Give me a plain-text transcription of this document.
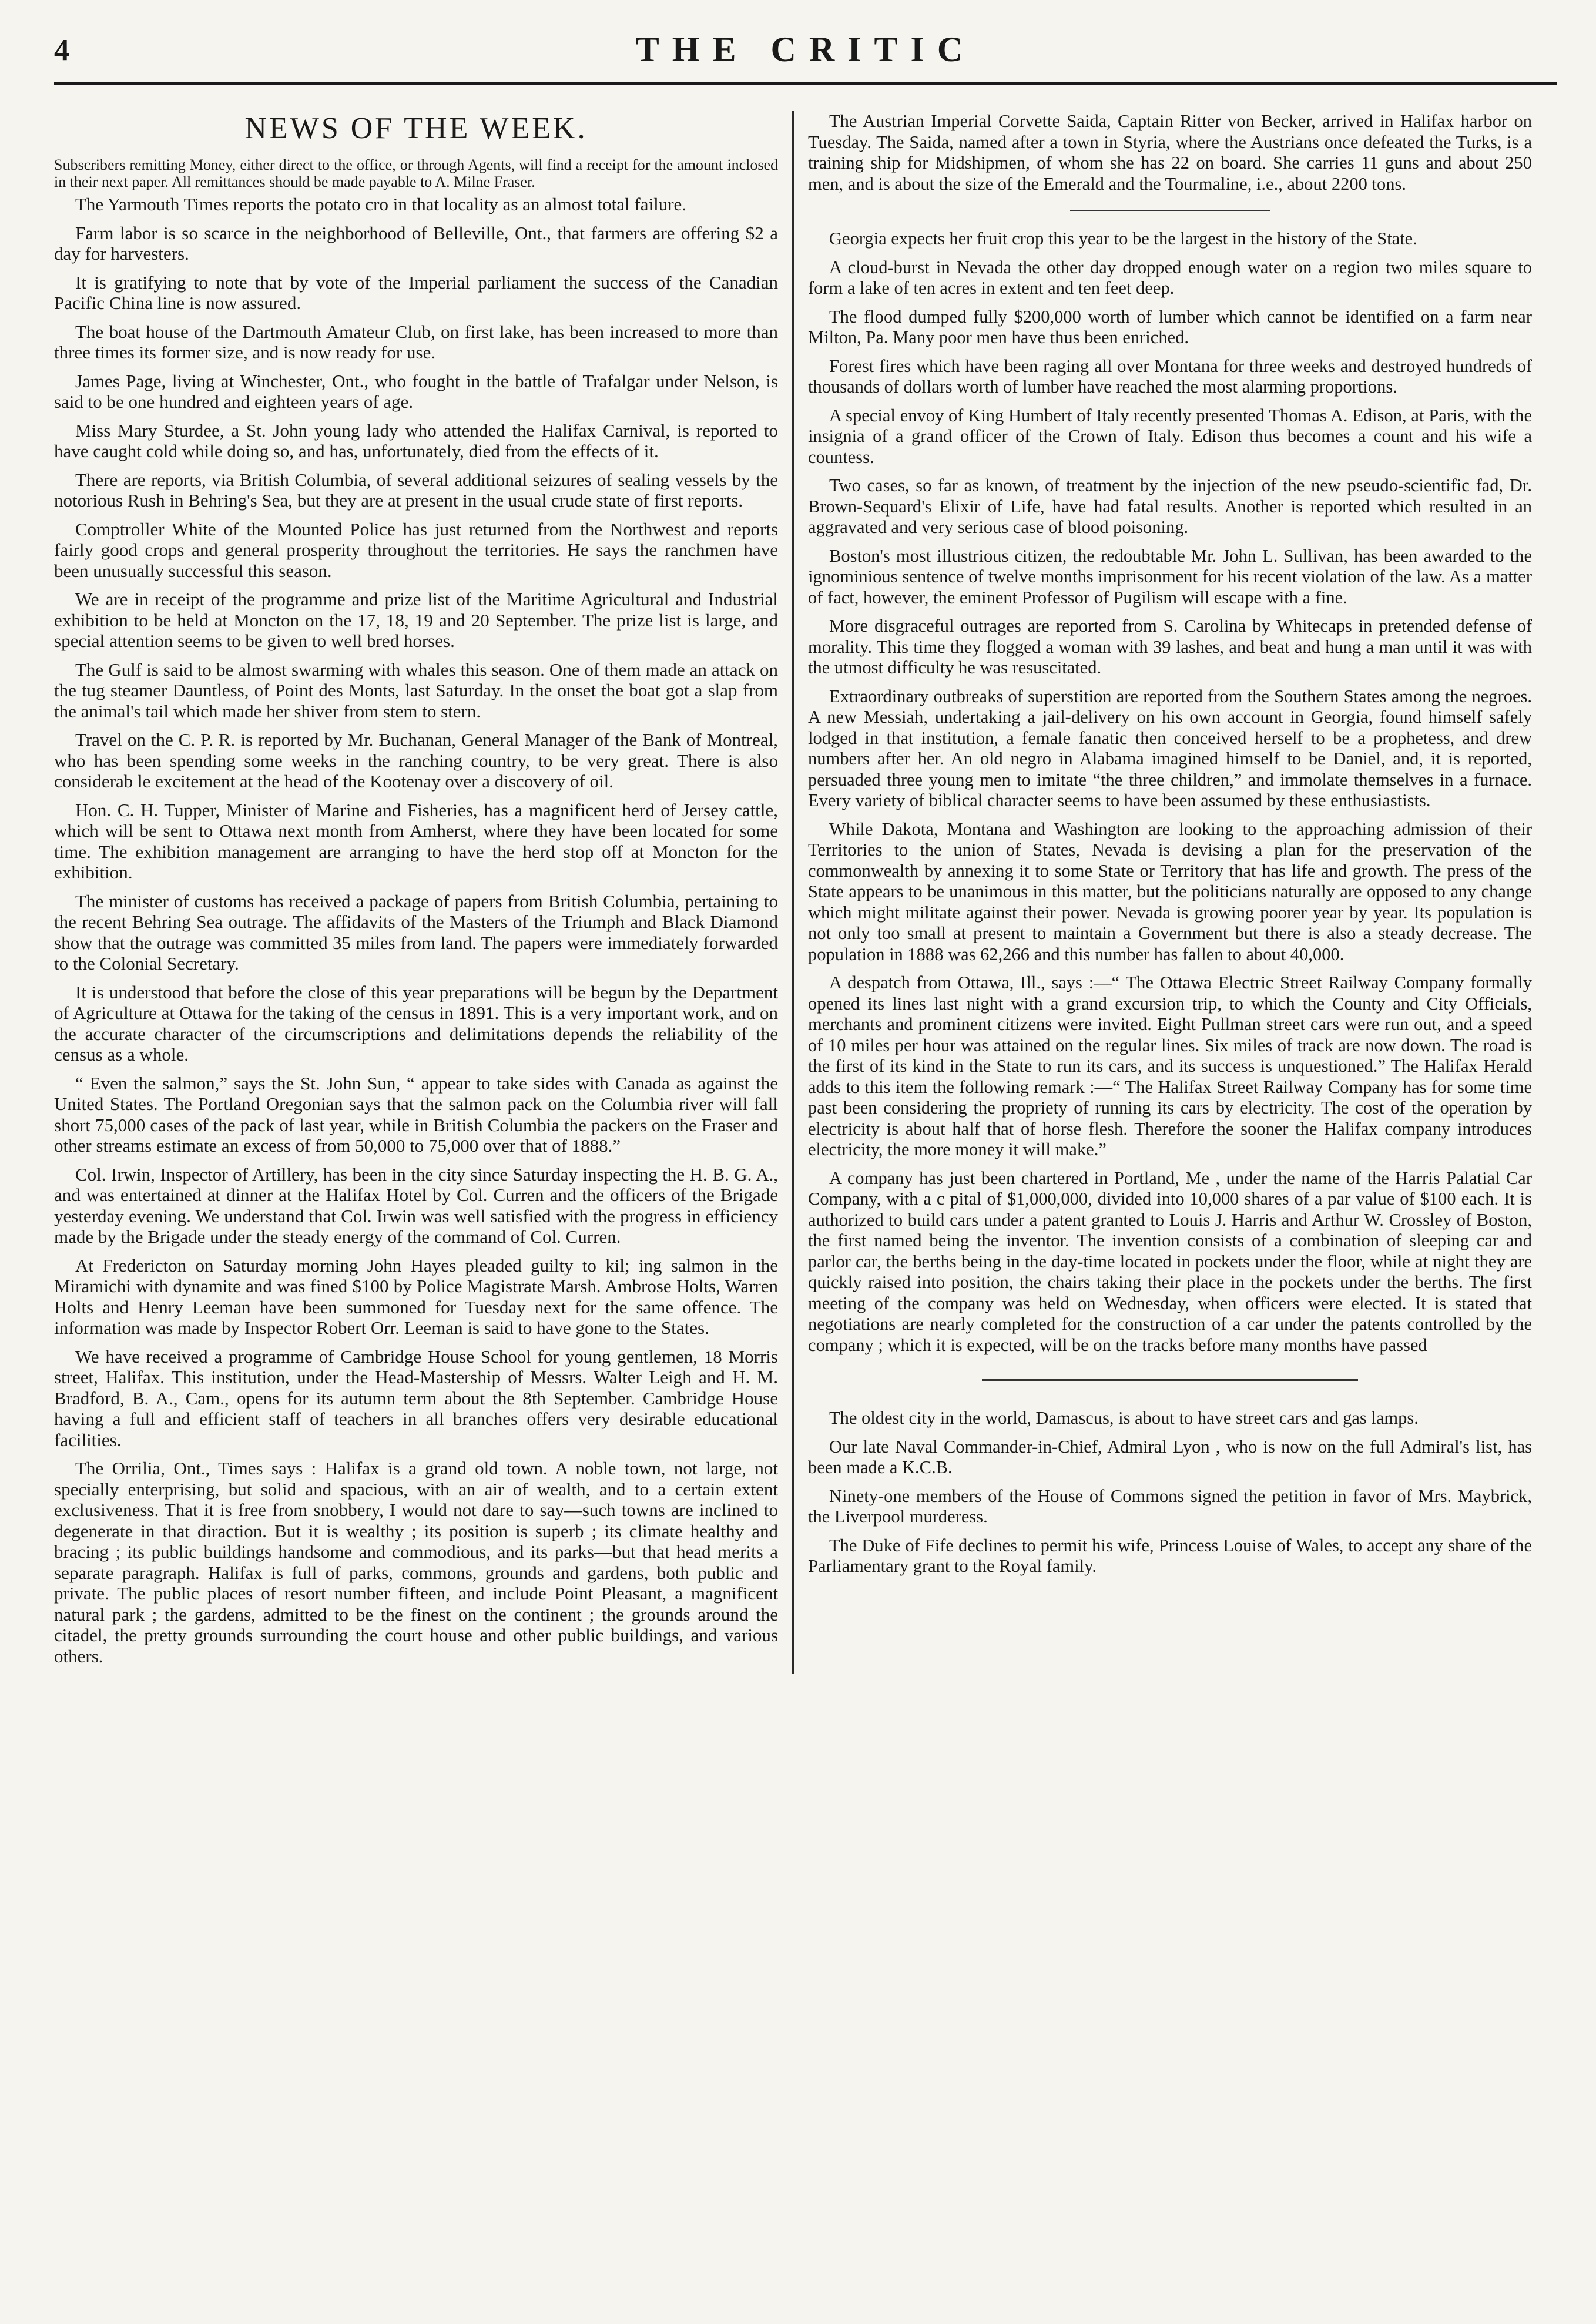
4	THE CRITIC
NEWS OF THE WEEK.

Subscribers remitting Money, either direct to the office, or through Agents, will find a receipt for the amount inclosed in their next paper. All remittances should be made payable to A. Milne Fraser.

The Yarmouth Times reports the potato cro in that locality as an almost total failure.

Farm labor is so scarce in the neighborhood of Belleville, Ont., that farmers are offering $2 a day for harvesters.

It is gratifying to note that by vote of the Imperial parliament the success of the Canadian Pacific China line is now assured.

The boat house of the Dartmouth Amateur Club, on first lake, has been increased to more than three times its former size, and is now ready for use.

James Page, living at Winchester, Ont., who fought in the battle of Trafalgar under Nelson, is said to be one hundred and eighteen years of age.

Miss Mary Sturdee, a St. John young lady who attended the Halifax Carnival, is reported to have caught cold while doing so, and has, unfortunately, died from the effects of it.

There are reports, via British Columbia, of several additional seizures of sealing vessels by the notorious Rush in Behring's Sea, but they are at present in the usual crude state of first reports.

Comptroller White of the Mounted Police has just returned from the Northwest and reports fairly good crops and general prosperity throughout the territories. He says the ranchmen have been unusually successful this season.

We are in receipt of the programme and prize list of the Maritime Agricultural and Industrial exhibition to be held at Moncton on the 17, 18, 19 and 20 September. The prize list is large, and special attention seems to be given to well bred horses.

The Gulf is said to be almost swarming with whales this season. One of them made an attack on the tug steamer Dauntless, of Point des Monts, last Saturday. In the onset the boat got a slap from the animal's tail which made her shiver from stem to stern.

Travel on the C. P. R. is reported by Mr. Buchanan, General Manager of the Bank of Montreal, who has been spending some weeks in the ranching country, to be very great. There is also considerab le excitement at the head of the Kootenay over a discovery of oil.

Hon. C. H. Tupper, Minister of Marine and Fisheries, has a magnificent herd of Jersey cattle, which will be sent to Ottawa next month from Amherst, where they have been located for some time. The exhibition management are arranging to have the herd stop off at Moncton for the exhibition.

The minister of customs has received a package of papers from British Columbia, pertaining to the recent Behring Sea outrage. The affidavits of the Masters of the Triumph and Black Diamond show that the outrage was committed 35 miles from land. The papers were immediately forwarded to the Colonial Secretary.

It is understood that before the close of this year preparations will be begun by the Department of Agriculture at Ottawa for the taking of the census in 1891. This is a very important work, and on the accurate character of the circumscriptions and delimitations depends the reliability of the census as a whole.

“ Even the salmon,” says the St. John Sun, “ appear to take sides with Canada as against the United States. The Portland Oregonian says that the salmon pack on the Columbia river will fall short 75,000 cases of the pack of last year, while in British Columbia the packers on the Fraser and other streams estimate an excess of from 50,000 to 75,000 over that of 1888.”

Col. Irwin, Inspector of Artillery, has been in the city since Saturday inspecting the H. B. G. A., and was entertained at dinner at the Halifax Hotel by Col. Curren and the officers of the Brigade yesterday evening. We understand that Col. Irwin was well satisfied with the progress in efficiency made by the Brigade under the steady energy of the command of Col. Curren.

At Fredericton on Saturday morning John Hayes pleaded guilty to kil; ing salmon in the Miramichi with dynamite and was fined $100 by Police Magistrate Marsh. Ambrose Holts, Warren Holts and Henry Leeman have been summoned for Tuesday next for the same offence. The information was made by Inspector Robert Orr. Leeman is said to have gone to the States.

We have received a programme of Cambridge House School for young gentlemen, 18 Morris street, Halifax. This institution, under the Head-Mastership of Messrs. Walter Leigh and H. M. Bradford, B. A., Cam., opens for its autumn term about the 8th September. Cambridge House having a full and efficient staff of teachers in all branches offers very desirable educational facilities.

The Orrilia, Ont., Times says : Halifax is a grand old town. A noble town, not large, not specially enterprising, but solid and spacious, with an air of wealth, and to a certain extent exclusiveness. That it is free from snobbery, I would not dare to say—such towns are inclined to degenerate in that diraction. But it is wealthy ; its position is superb ; its climate healthy and bracing ; its public buildings handsome and commodious, and its parks—but that head merits a separate paragraph. Halifax is full of parks, commons, grounds and gardens, both public and private. The public places of resort number fifteen, and include Point Pleasant, a magnificent natural park ; the gardens, admitted to be the finest on the continent ; the grounds around the citadel, the pretty grounds surrounding the court house and other public buildings, and various others.

The Austrian Imperial Corvette Saida, Captain Ritter von Becker, arrived in Halifax harbor on Tuesday. The Saida, named after a town in Styria, where the Austrians once defeated the Turks, is a training ship for Midshipmen, of whom she has 22 on board. She carries 11 guns and about 250 men, and is about the size of the Emerald and the Tourmaline, i.e., about 2200 tons.

Georgia expects her fruit crop this year to be the largest in the history of the State.

A cloud-burst in Nevada the other day dropped enough water on a region two miles square to form a lake of ten acres in extent and ten feet deep.

The flood dumped fully $200,000 worth of lumber which cannot be identified on a farm near Milton, Pa. Many poor men have thus been enriched.

Forest fires which have been raging all over Montana for three weeks and destroyed hundreds of thousands of dollars worth of lumber have reached the most alarming proportions.

A special envoy of King Humbert of Italy recently presented Thomas A. Edison, at Paris, with the insignia of a grand officer of the Crown of Italy. Edison thus becomes a count and his wife a countess.

Two cases, so far as known, of treatment by the injection of the new pseudo-scientific fad, Dr. Brown-Sequard's Elixir of Life, have had fatal results. Another is reported which resulted in an aggravated and very serious case of blood poisoning.

Boston's most illustrious citizen, the redoubtable Mr. John L. Sullivan, has been awarded to the ignominious sentence of twelve months imprisonment for his recent violation of the law. As a matter of fact, however, the eminent Professor of Pugilism will escape with a fine.

More disgraceful outrages are reported from S. Carolina by Whitecaps in pretended defense of morality. This time they flogged a woman with 39 lashes, and beat and hung a man until it was with the utmost difficulty he was resuscitated.

Extraordinary outbreaks of superstition are reported from the Southern States among the negroes. A new Messiah, undertaking a jail-delivery on his own account in Georgia, found himself safely lodged in that institution, a female fanatic then conceived herself to be a prophetess, and drew numbers after her. An old negro in Alabama imagined himself to be Daniel, and, it is reported, persuaded three young men to imitate “the three children,” and immolate themselves in a furnace. Every variety of biblical character seems to have been assumed by these enthusiastists.

While Dakota, Montana and Washington are looking to the approaching admission of their Territories to the union of States, Nevada is devising a plan for the preservation of the commonwealth by annexing it to some State or Territory that has life and growth. The press of the State appears to be unanimous in this matter, but the politicians naturally are opposed to any change which might militate against their power. Nevada is growing poorer year by year. Its population is not only too small at present to maintain a Government but there is also a steady decrease. The population in 1888 was 62,266 and this number has fallen to about 40,000.

A despatch from Ottawa, Ill., says :—“ The Ottawa Electric Street Railway Company formally opened its lines last night with a grand excursion trip, to which the County and City Officials, merchants and prominent citizens were invited. Eight Pullman street cars were run out, and a speed of 10 miles per hour was attained on the regular lines. Six miles of track are now down. The road is the first of its kind in the State to run its cars, and its success is unquestioned.” The Halifax Herald adds to this item the following remark :—“ The Halifax Street Railway Company has for some time past been considering the propriety of running its cars by electricity. The cost of the operation by electricity is about half that of horse flesh. Therefore the sooner the Halifax company introduces electricity, the more money it will make.”

A company has just been chartered in Portland, Me , under the name of the Harris Palatial Car Company, with a c pital of $1,000,000, divided into 10,000 shares of a par value of $100 each. It is authorized to build cars under a patent granted to Louis J. Harris and Arthur W. Crossley of Boston, the first named being the inventor. The invention consists of a combination of sleeping car and parlor car, the berths being in the day-time located in pockets under the floor, while at night they are quickly raised into position, the chairs taking their place in the pockets under the berths. The first meeting of the company was held on Wednesday, when officers were elected. It is stated that negotiations are nearly completed for the construction of a car under the patents controlled by the company ; which it is expected, will be on the tracks before many months have passed

The oldest city in the world, Damascus, is about to have street cars and gas lamps.

Our late Naval Commander-in-Chief, Admiral Lyon , who is now on the full Admiral's list, has been made a K.C.B.

Ninety-one members of the House of Commons signed the petition in favor of Mrs. Maybrick, the Liverpool murderess.

The Duke of Fife declines to permit his wife, Princess Louise of Wales, to accept any share of the Parliamentary grant to the Royal family.
